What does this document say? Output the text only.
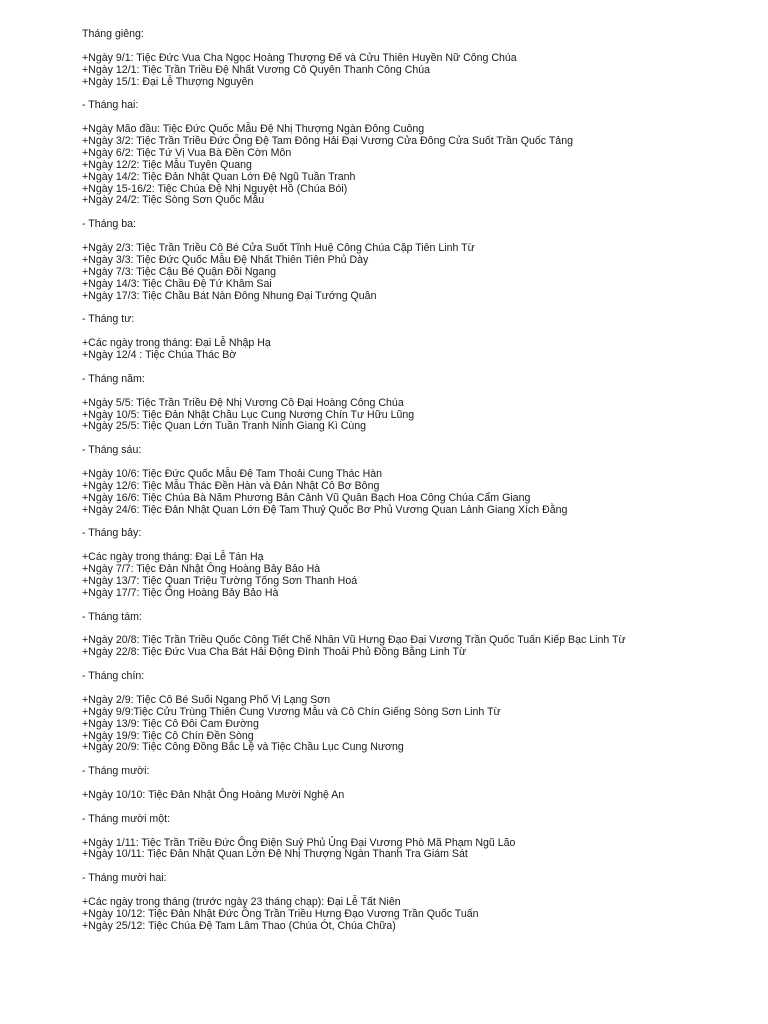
Tháng giêng:

+Ngày 9/1: Tiệc Đức Vua Cha Ngọc Hoàng Thượng Đế và Cửu Thiên Huyền Nữ Công Chúa
+Ngày 12/1: Tiệc Trần Triều Đệ Nhất Vương Cô Quyên Thanh Công Chúa
+Ngày 15/1: Đại Lễ Thượng Nguyên

- Tháng hai:

+Ngày Mão đầu: Tiệc Đức Quốc Mẫu Đệ Nhị Thượng Ngàn Đông Cuông
+Ngày 3/2: Tiệc Trần Triều Đức Ông Đệ Tam Đông Hải Đại Vương Cửa Đông Cửa Suốt Trần Quốc Tảng
+Ngày 6/2: Tiệc Tứ Vị Vua Bà Đền Cờn Môn
+Ngày 12/2: Tiệc Mẫu Tuyên Quang
+Ngày 14/2: Tiệc Đản Nhật Quan Lớn Đệ Ngũ Tuần Tranh
+Ngày 15-16/2: Tiệc Chúa Đệ Nhị Nguyệt Hồ (Chúa Bói)
+Ngày 24/2: Tiệc Sòng Sơn Quốc Mẫu

- Tháng ba:

+Ngày 2/3: Tiệc Trần Triều Cô Bé Cửa Suốt Tĩnh Huệ Công Chúa Cặp Tiên Linh Từ
+Ngày 3/3: Tiệc Đức Quốc Mẫu Đệ Nhất Thiên Tiên Phủ Dày
+Ngày 7/3: Tiệc Cậu Bé Quận Đồi Ngang
+Ngày 14/3: Tiệc Chầu Đệ Tứ Khâm Sai
+Ngày 17/3: Tiệc Chầu Bát Nàn Đông Nhung Đại Tướng Quân

- Tháng tư:

+Các ngày trong tháng: Đại Lễ Nhập Hạ
+Ngày 12/4 : Tiệc Chúa Thác Bờ

- Tháng năm:

+Ngày 5/5: Tiệc Trần Triều Đệ Nhị Vương Cô Đại Hoàng Công Chúa
+Ngày 10/5: Tiệc Đản Nhật Chầu Lục Cung Nương Chín Tư Hữu Lũng
+Ngày 25/5: Tiệc Quan Lớn Tuần Tranh Ninh Giang Kì Cùng

- Tháng sáu:

+Ngày 10/6: Tiệc Đức Quốc Mẫu Đệ Tam Thoải Cung Thác Hàn
+Ngày 12/6: Tiệc Mẫu Thác Đền Hàn và Đản Nhật Cô Bơ Bông
+Ngày 16/6: Tiệc Chúa Bà Năm Phương Bản Cảnh Vũ Quân Bạch Hoa Công Chúa Cẩm Giang
+Ngày 24/6: Tiệc Đản Nhật Quan Lớn Đệ Tam Thuỷ Quốc Bơ Phủ Vương Quan Lảnh Giang Xích Đằng

- Tháng bảy:

+Các ngày trong tháng: Đại Lễ Tán Hạ
+Ngày 7/7: Tiệc Đản Nhật Ông Hoàng Bảy Bảo Hà
+Ngày 13/7: Tiệc Quan Triệu Tường Tống Sơn Thanh Hoá
+Ngày 17/7: Tiệc Ông Hoàng Bảy Bảo Hà

- Tháng tám:

+Ngày 20/8: Tiệc Trần Triều Quốc Công Tiết Chế Nhân Vũ Hưng Đạo Đại Vương Trần Quốc Tuấn Kiếp Bạc Linh Từ
+Ngày 22/8: Tiệc Đức Vua Cha Bát Hải Động Đình Thoải Phủ Đồng Bằng Linh Từ

- Tháng chín:

+Ngày 2/9: Tiệc Cô Bé Suối Ngang Phố Vị Lạng Sơn
+Ngày 9/9:Tiệc Cửu Trùng Thiên Cung Vương Mẫu và Cô Chín Giếng Sòng Sơn Linh Từ
+Ngày 13/9: Tiệc Cô Đôi Cam Đường
+Ngày 19/9: Tiệc Cô Chín Đền Sòng
+Ngày 20/9: Tiệc Công Đồng Bắc Lệ và Tiệc Chầu Lục Cung Nương

- Tháng mười:

+Ngày 10/10: Tiệc Đản Nhật Ông Hoàng Mười Nghệ An

- Tháng mười một:

+Ngày 1/11: Tiệc Trần Triều Đức Ông Điện Suý Phủ Ủng Đại Vương Phò Mã Phạm Ngũ Lão
+Ngày 10/11: Tiệc Đản Nhật Quan Lớn Đệ Nhị Thượng Ngàn Thanh Tra Giám Sát

- Tháng mười hai:

+Các ngày trong tháng (trước ngày 23 tháng chạp): Đại Lễ Tất Niên
+Ngày 10/12: Tiệc Đản Nhật Đức Ông Trần Triều Hưng Đạo Vương Trần Quốc Tuấn
+Ngày 25/12: Tiệc Chúa Đệ Tam Lâm Thao (Chúa Ót, Chúa Chữa)
